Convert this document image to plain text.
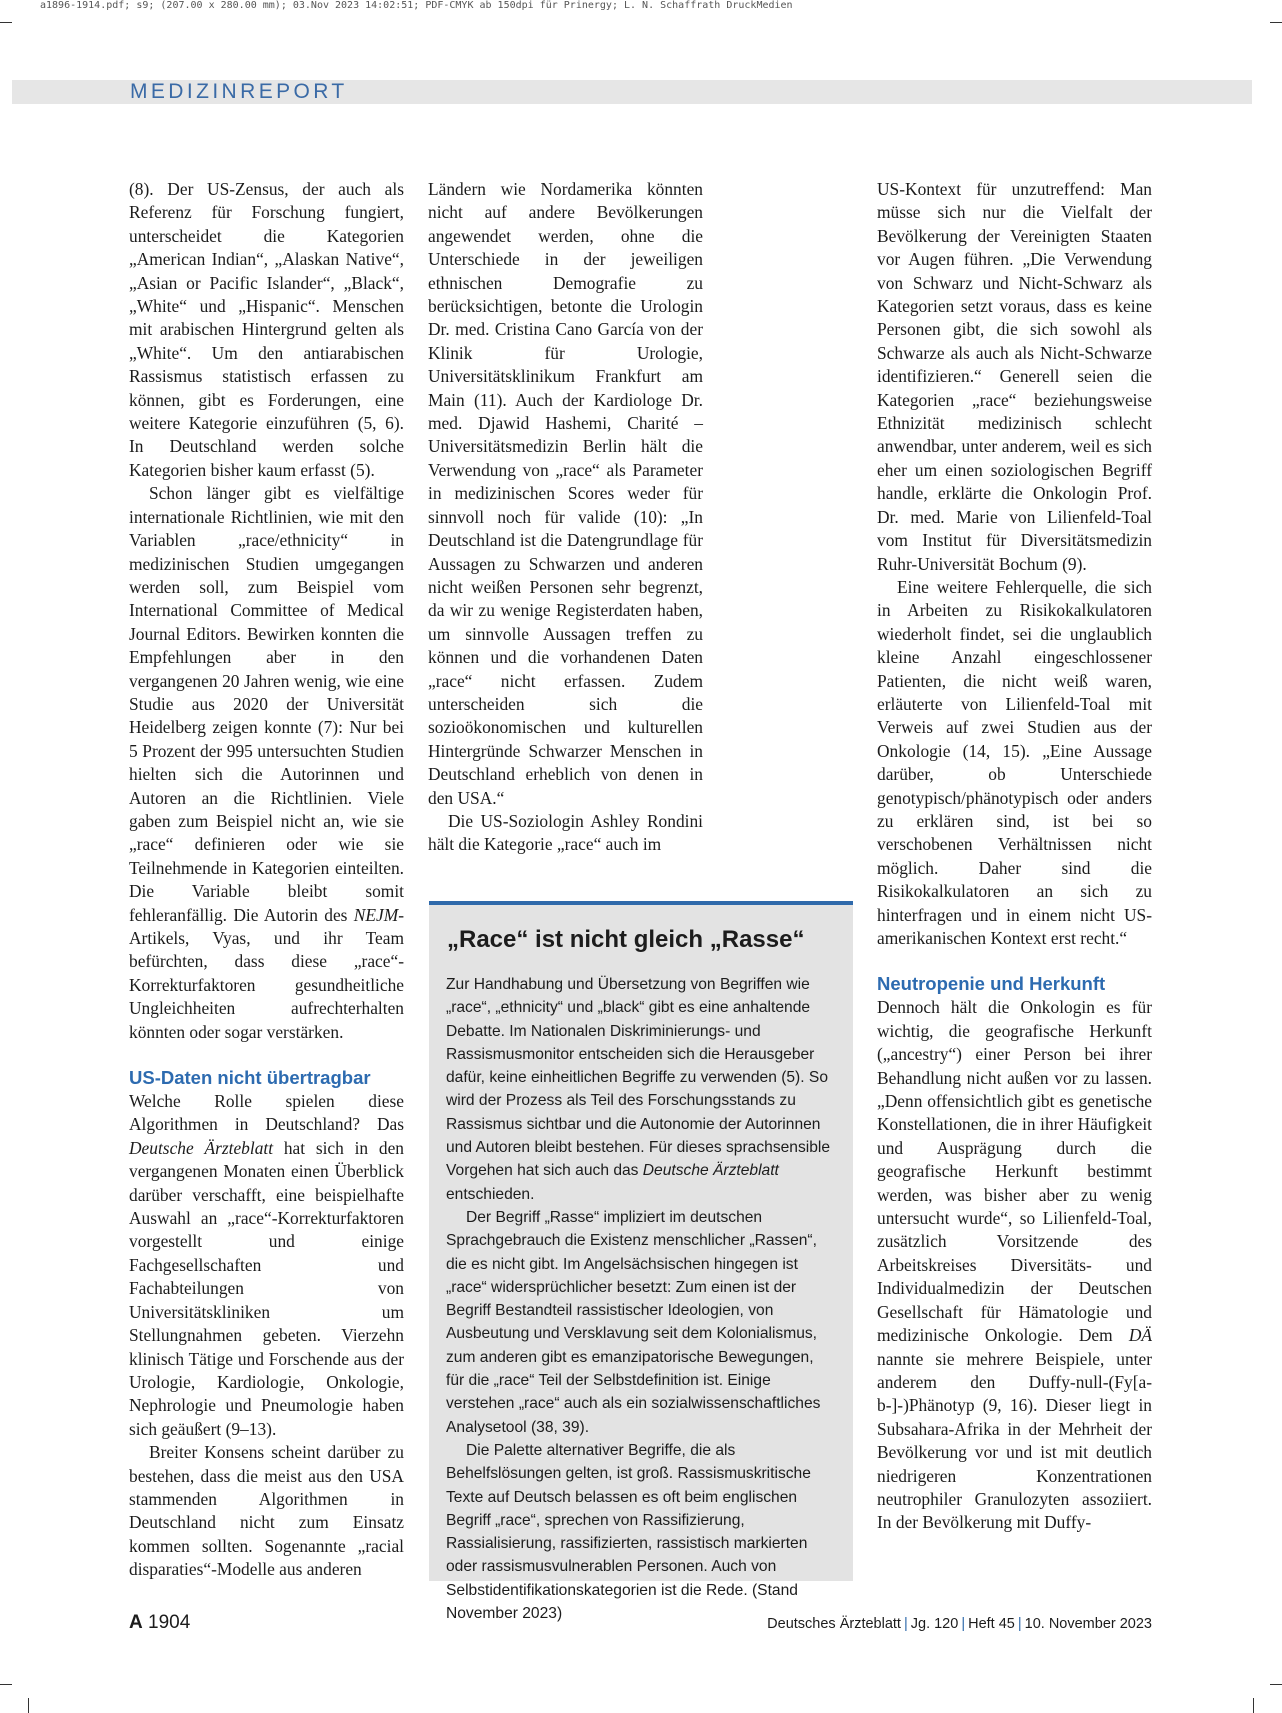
a1896-1914.pdf; s9; (207.00 x 280.00 mm); 03.Nov 2023 14:02:51; PDF-CMYK ab 150dpi für Prinergy; L. N. Schaffrath DruckMedien
MEDIZINREPORT

(8). Der US-Zensus, der auch als Referenz für Forschung fungiert, unterscheidet die Kategorien „American Indian“, „Alaskan Native“, „Asian or Pacific Islander“, „Black“, „White“ und „Hispanic“. Menschen mit arabischen Hintergrund gelten als „White“. Um den antiarabischen Rassismus statistisch erfassen zu können, gibt es Forderungen, eine weitere Kategorie einzuführen (5, 6). In Deutschland werden solche Kategorien bisher kaum erfasst (5).

Schon länger gibt es vielfältige internationale Richtlinien, wie mit den Variablen „race/ethnicity“ in medizinischen Studien umgegangen werden soll, zum Beispiel vom International Committee of Medical Journal Editors. Bewirken konnten die Empfehlungen aber in den vergangenen 20 Jahren wenig, wie eine Studie aus 2020 der Universität Heidelberg zeigen konnte (7): Nur bei 5 Prozent der 995 untersuchten Studien hielten sich die Autorinnen und Autoren an die Richtlinien. Viele gaben zum Beispiel nicht an, wie sie „race“ definieren oder wie sie Teilnehmende in Kategorien einteilten. Die Variable bleibt somit fehleranfällig. Die Autorin des NEJM-Artikels, Vyas, und ihr Team befürchten, dass diese „race“-Korrekturfaktoren gesundheitliche Ungleichheiten aufrechterhalten könnten oder sogar verstärken.

US-Daten nicht übertragbar

Welche Rolle spielen diese Algorithmen in Deutschland? Das Deutsche Ärzteblatt hat sich in den vergangenen Monaten einen Überblick darüber verschafft, eine beispielhafte Auswahl an „race“-Korrekturfaktoren vorgestellt und einige Fachgesellschaften und Fachabteilungen von Universitätskliniken um Stellungnahmen gebeten. Vierzehn klinisch Tätige und Forschende aus der Urologie, Kardiologie, Onkologie, Nephrologie und Pneumologie haben sich geäußert (9–13).

Breiter Konsens scheint darüber zu bestehen, dass die meist aus den USA stammenden Algorithmen in Deutschland nicht zum Einsatz kommen sollten. Sogenannte „racial disparaties“-Modelle aus anderen

Ländern wie Nordamerika könnten nicht auf andere Bevölkerungen angewendet werden, ohne die Unterschiede in der jeweiligen ethnischen Demografie zu berücksichtigen, betonte die Urologin Dr. med. Cristina Cano García von der Klinik für Urologie, Universitätsklinikum Frankfurt am Main (11). Auch der Kardiologe Dr. med. Djawid Hashemi, Charité – Universitätsmedizin Berlin hält die Verwendung von „race“ als Parameter in medizinischen Scores weder für sinnvoll noch für valide (10): „In Deutschland ist die Datengrundlage für Aussagen zu Schwarzen und anderen nicht weißen Personen sehr begrenzt, da wir zu wenige Registerdaten haben, um sinnvolle Aussagen treffen zu können und die vorhandenen Daten „race“ nicht erfassen. Zudem unterscheiden sich die sozioökonomischen und kulturellen Hintergründe Schwarzer Menschen in Deutschland erheblich von denen in den USA.“

Die US-Soziologin Ashley Rondini hält die Kategorie „race“ auch im

„Race“ ist nicht gleich „Rasse“

Zur Handhabung und Übersetzung von Begriffen wie „race“, „ethnicity“ und „black“ gibt es eine anhaltende Debatte. Im Nationalen Diskriminierungs- und Rassismusmonitor entscheiden sich die Herausgeber dafür, keine einheitlichen Begriffe zu verwenden (5). So wird der Prozess als Teil des Forschungsstands zu Rassismus sichtbar und die Autonomie der Autorinnen und Autoren bleibt bestehen. Für dieses sprachsensible Vorgehen hat sich auch das Deutsche Ärzteblatt entschieden.

Der Begriff „Rasse“ impliziert im deutschen Sprachgebrauch die Existenz menschlicher „Rassen“, die es nicht gibt. Im Angelsächsischen hingegen ist „race“ widersprüchlicher besetzt: Zum einen ist der Begriff Bestandteil rassistischer Ideologien, von Ausbeutung und Versklavung seit dem Kolonialismus, zum anderen gibt es emanzipatorische Bewegungen, für die „race“ Teil der Selbstdefinition ist. Einige verstehen „race“ auch als ein sozialwissenschaftliches Analysetool (38, 39).

Die Palette alternativer Begriffe, die als Behelfslösungen gelten, ist groß. Rassismuskritische Texte auf Deutsch belassen es oft beim englischen Begriff „race“, sprechen von Rassifizierung, Rassialisierung, rassifizierten, rassistisch markierten oder rassismusvulnerablen Personen. Auch von Selbstidentifikationskategorien ist die Rede. (Stand November 2023)

US-Kontext für unzutreffend: Man müsse sich nur die Vielfalt der Bevölkerung der Vereinigten Staaten vor Augen führen. „Die Verwendung von Schwarz und Nicht-Schwarz als Kategorien setzt voraus, dass es keine Personen gibt, die sich sowohl als Schwarze als auch als Nicht-Schwarze identifizieren.“ Generell seien die Kategorien „race“ beziehungsweise Ethnizität medizinisch schlecht anwendbar, unter anderem, weil es sich eher um einen soziologischen Begriff handle, erklärte die Onkologin Prof. Dr. med. Marie von Lilienfeld-Toal vom Institut für Diversitätsmedizin Ruhr-Universität Bochum (9).

Eine weitere Fehlerquelle, die sich in Arbeiten zu Risikokalkulatoren wiederholt findet, sei die unglaublich kleine Anzahl eingeschlossener Patienten, die nicht weiß waren, erläuterte von Lilienfeld-Toal mit Verweis auf zwei Studien aus der Onkologie (14, 15). „Eine Aussage darüber, ob Unterschiede genotypisch/phänotypisch oder anders zu erklären sind, ist bei so verschobenen Verhältnissen nicht möglich. Daher sind die Risikokalkulatoren an sich zu hinterfragen und in einem nicht US-amerikanischen Kontext erst recht.“

Neutropenie und Herkunft

Dennoch hält die Onkologin es für wichtig, die geografische Herkunft („ancestry“) einer Person bei ihrer Behandlung nicht außen vor zu lassen. „Denn offensichtlich gibt es genetische Konstellationen, die in ihrer Häufigkeit und Ausprägung durch die geografische Herkunft bestimmt werden, was bisher aber zu wenig untersucht wurde“, so Lilienfeld-Toal, zusätzlich Vorsitzende des Arbeitskreises Diversitäts- und Individualmedizin der Deutschen Gesellschaft für Hämatologie und medizinische Onkologie. Dem DÄ nannte sie mehrere Beispiele, unter anderem den Duffy-null-(Fy[a-b-]-)Phänotyp (9, 16). Dieser liegt in Subsahara-Afrika in der Mehrheit der Bevölkerung vor und ist mit deutlich niedrigeren Konzentrationen neutrophiler Granulozyten assoziiert. In der Bevölkerung mit Duffy-

A 1904	Deutsches Ärzteblatt | Jg. 120 | Heft 45 | 10. November 2023
